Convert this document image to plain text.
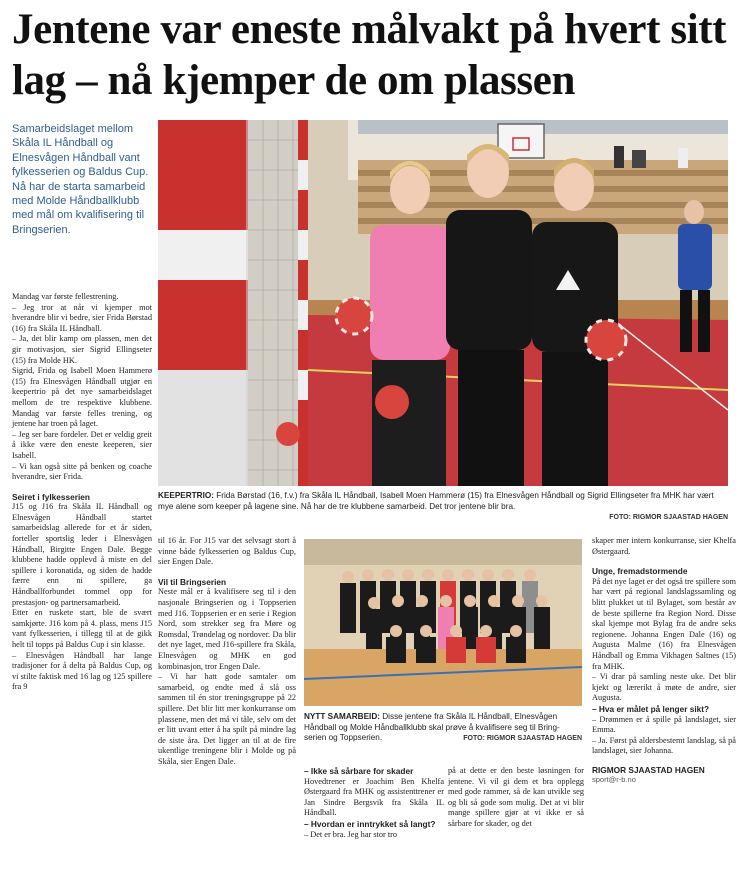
Jentene var eneste målvakt på hvert sitt lag – nå kjemper de om plassen
Samarbeidslaget mellom Skåla IL Håndball og Elnesvågen Håndball vant fylkesserien og Baldus Cup. Nå har de starta samarbeid med Molde Håndballklubb med mål om kvalifisering til Bringserien.
KEEPERTRIO: Frida Børstad (16, f.v.) fra Skåla IL Håndball, Isabell Moen Hammerø (15) fra Elnesvågen Håndball og Sigrid Ellingseter fra MHK har vært mye alene som keeper på lagene sine. Nå har de tre klubbene samarbeid. Det tror jentene blir bra.
FOTO: RIGMOR SJAASTAD HAGEN

Mandag var første fellestrening.

– Jeg tror at når vi kjemper mot hverandre blir vi bedre, sier Frida Børstad (16) fra Skåla IL Håndball.

– Ja, det blir kamp om plassen, men det gir motivasjon, sier Sigrid Ellingseter (15) fra Molde HK.

Sigrid, Frida og Isabell Moen Hammerø (15) fra Elnesvågen Håndball utgjør en keepertrio på det nye samarbeidslaget mellom de tre respektive klubbene. Mandag var første felles trening, og jentene har troen på laget.

– Jeg ser bare fordeler. Det er veldig greit å ikke være den eneste keeperen, sier Isabell.

– Vi kan også sitte på benken og coache hverandre, sier Frida.

Seiret i fylkesserien

J15 og J16 fra Skåla IL Håndball og Elnesvågen Håndball startet samarbeidslag allerede for et år siden, forteller sportslig leder i Elnesvågen Håndball, Birgitte Engen Dale. Begge klubbene hadde opplevd å miste en del spillere i koronatida, og siden de hadde færre enn ni spillere, ga Håndballforbundet tommel opp for prestasjon- og partnersamarbeid.

Etter en ruskete start, ble de svært samkjørte. J16 kom på 4. plass, mens J15 vant fylkesserien, i tillegg til at de gikk helt til topps på Baldus Cup i sin klasse.

– Elnesvågen Håndball har lange tradisjoner for å delta på Baldus Cup, og vi stilte faktisk med 16 lag og 125 spillere fra 9

til 16 år. For J15 var det selvsagt stort å vinne både fylkesserien og Baldus Cup, sier Engen Dale.

Vil til Bringserien

Neste mål er å kvalifisere seg til i den nasjonale Bringserien og i Toppserien med J16. Toppserien er en serie i Region Nord, som strekker seg fra Møre og Romsdal, Trøndelag og nordover. Da blir det nye laget, med J16-spillere fra Skåla, Elnesvågen og MHK en god kombinasjon, tror Engen Dale.

– Vi har hatt gode samtaler om samarbeid, og endte med å slå oss sammen til én stor treningsgruppe på 22 spillere. Det blir litt mer konkurranse om plassene, men det må vi tåle, selv om det er litt uvant etter å ha spilt på mindre lag de siste åra. Det ligger an til at de fire ukentlige treningene blir i Molde og på Skåla, sier Engen Dale.

NYTT SAMARBEID: Disse jentene fra Skåla IL Håndball, Elnesvågen Håndball og Molde Håndballklubb skal prøve å kvalifisere seg til Bring-serien og Toppserien.	FOTO: RIGMOR SJAASTAD HAGEN

– Ikke så sårbare for skader

Hovedtrener er Joachim Ben Khelfa Østergaard fra MHK og assistenttrener er Jan Sindre Bergsvik fra Skåla IL Håndball.

– Hvordan er inntrykket så langt?

– Det er bra. Jeg har stor tro

på at dette er den beste løsningen for jentene. Vi vil gi dem et bra opplegg med gode rammer, så de kan utvikle seg og bli så gode som mulig. Det at vi blir mange spillere gjør at vi ikke er så sårbare for skader, og det

skaper mer intern konkurranse, sier Khelfa Østergaard.

Unge, fremadstormende

På det nye laget er det også tre spillere som har vært på regional landslagssamling og blitt plukket ut til Bylaget, som består av de beste spillerne fra Region Nord. Disse skal kjempe mot Bylag fra de andre seks regionene. Johanna Engen Dale (16) og Augusta Malme (16) fra Elnesvågen Håndball og Emma Vikhagen Saltnes (15) fra MHK.

– Vi drar på samling neste uke. Det blir kjekt og lærerikt å møte de andre, sier Augusta.

– Hva er målet på lenger sikt?

– Drømmen er å spille på landslaget, sier Emma.

– Ja. Først på aldersbestemt landslag, så på landslaget, sier Johanna.

RIGMOR SJAASTAD HAGEN

sport@r-b.no
